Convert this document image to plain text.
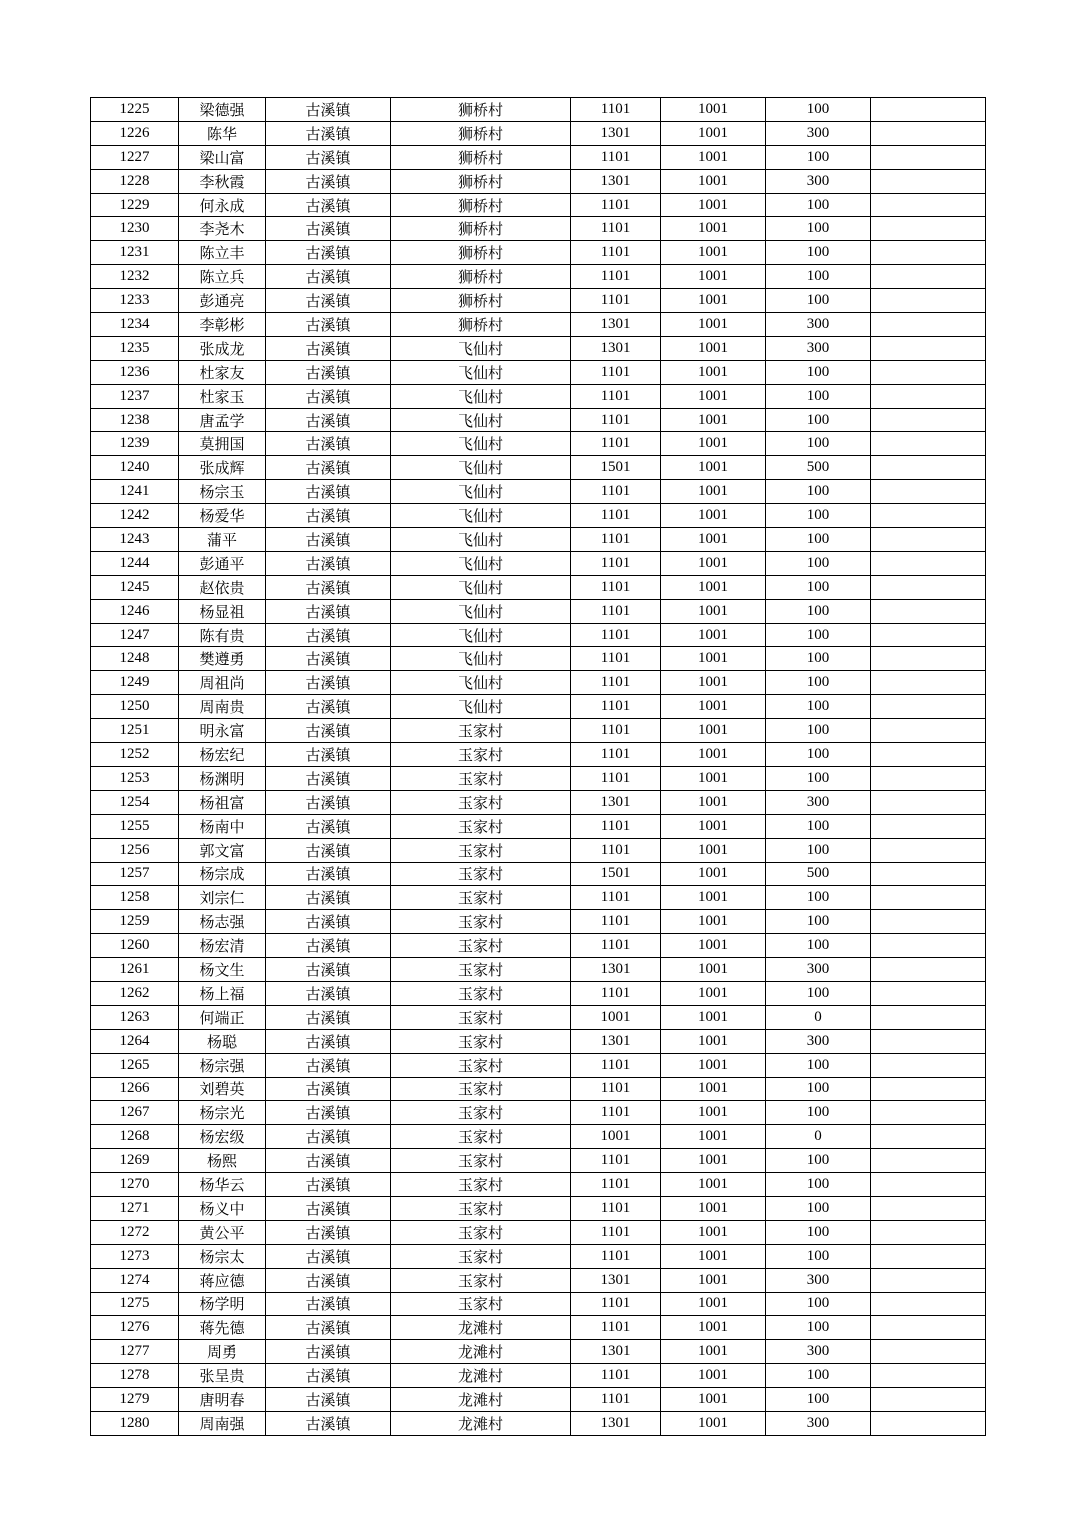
1225	梁德强	古溪镇	狮桥村	1101	1001	100	
1226	陈华	古溪镇	狮桥村	1301	1001	300	
1227	梁山富	古溪镇	狮桥村	1101	1001	100	
1228	李秋霞	古溪镇	狮桥村	1301	1001	300	
1229	何永成	古溪镇	狮桥村	1101	1001	100	
1230	李尧木	古溪镇	狮桥村	1101	1001	100	
1231	陈立丰	古溪镇	狮桥村	1101	1001	100	
1232	陈立兵	古溪镇	狮桥村	1101	1001	100	
1233	彭通亮	古溪镇	狮桥村	1101	1001	100	
1234	李彰彬	古溪镇	狮桥村	1301	1001	300	
1235	张成龙	古溪镇	飞仙村	1301	1001	300	
1236	杜家友	古溪镇	飞仙村	1101	1001	100	
1237	杜家玉	古溪镇	飞仙村	1101	1001	100	
1238	唐孟学	古溪镇	飞仙村	1101	1001	100	
1239	莫拥国	古溪镇	飞仙村	1101	1001	100	
1240	张成辉	古溪镇	飞仙村	1501	1001	500	
1241	杨宗玉	古溪镇	飞仙村	1101	1001	100	
1242	杨爱华	古溪镇	飞仙村	1101	1001	100	
1243	蒲平	古溪镇	飞仙村	1101	1001	100	
1244	彭通平	古溪镇	飞仙村	1101	1001	100	
1245	赵依贵	古溪镇	飞仙村	1101	1001	100	
1246	杨显祖	古溪镇	飞仙村	1101	1001	100	
1247	陈有贵	古溪镇	飞仙村	1101	1001	100	
1248	樊遵勇	古溪镇	飞仙村	1101	1001	100	
1249	周祖尚	古溪镇	飞仙村	1101	1001	100	
1250	周南贵	古溪镇	飞仙村	1101	1001	100	
1251	明永富	古溪镇	玉家村	1101	1001	100	
1252	杨宏纪	古溪镇	玉家村	1101	1001	100	
1253	杨渊明	古溪镇	玉家村	1101	1001	100	
1254	杨祖富	古溪镇	玉家村	1301	1001	300	
1255	杨南中	古溪镇	玉家村	1101	1001	100	
1256	郭文富	古溪镇	玉家村	1101	1001	100	
1257	杨宗成	古溪镇	玉家村	1501	1001	500	
1258	刘宗仁	古溪镇	玉家村	1101	1001	100	
1259	杨志强	古溪镇	玉家村	1101	1001	100	
1260	杨宏清	古溪镇	玉家村	1101	1001	100	
1261	杨文生	古溪镇	玉家村	1301	1001	300	
1262	杨上福	古溪镇	玉家村	1101	1001	100	
1263	何端正	古溪镇	玉家村	1001	1001	0	
1264	杨聪	古溪镇	玉家村	1301	1001	300	
1265	杨宗强	古溪镇	玉家村	1101	1001	100	
1266	刘碧英	古溪镇	玉家村	1101	1001	100	
1267	杨宗光	古溪镇	玉家村	1101	1001	100	
1268	杨宏级	古溪镇	玉家村	1001	1001	0	
1269	杨熙	古溪镇	玉家村	1101	1001	100	
1270	杨华云	古溪镇	玉家村	1101	1001	100	
1271	杨义中	古溪镇	玉家村	1101	1001	100	
1272	黄公平	古溪镇	玉家村	1101	1001	100	
1273	杨宗太	古溪镇	玉家村	1101	1001	100	
1274	蒋应德	古溪镇	玉家村	1301	1001	300	
1275	杨学明	古溪镇	玉家村	1101	1001	100	
1276	蒋先德	古溪镇	龙滩村	1101	1001	100	
1277	周勇	古溪镇	龙滩村	1301	1001	300	
1278	张呈贵	古溪镇	龙滩村	1101	1001	100	
1279	唐明春	古溪镇	龙滩村	1101	1001	100	
1280	周南强	古溪镇	龙滩村	1301	1001	300	
